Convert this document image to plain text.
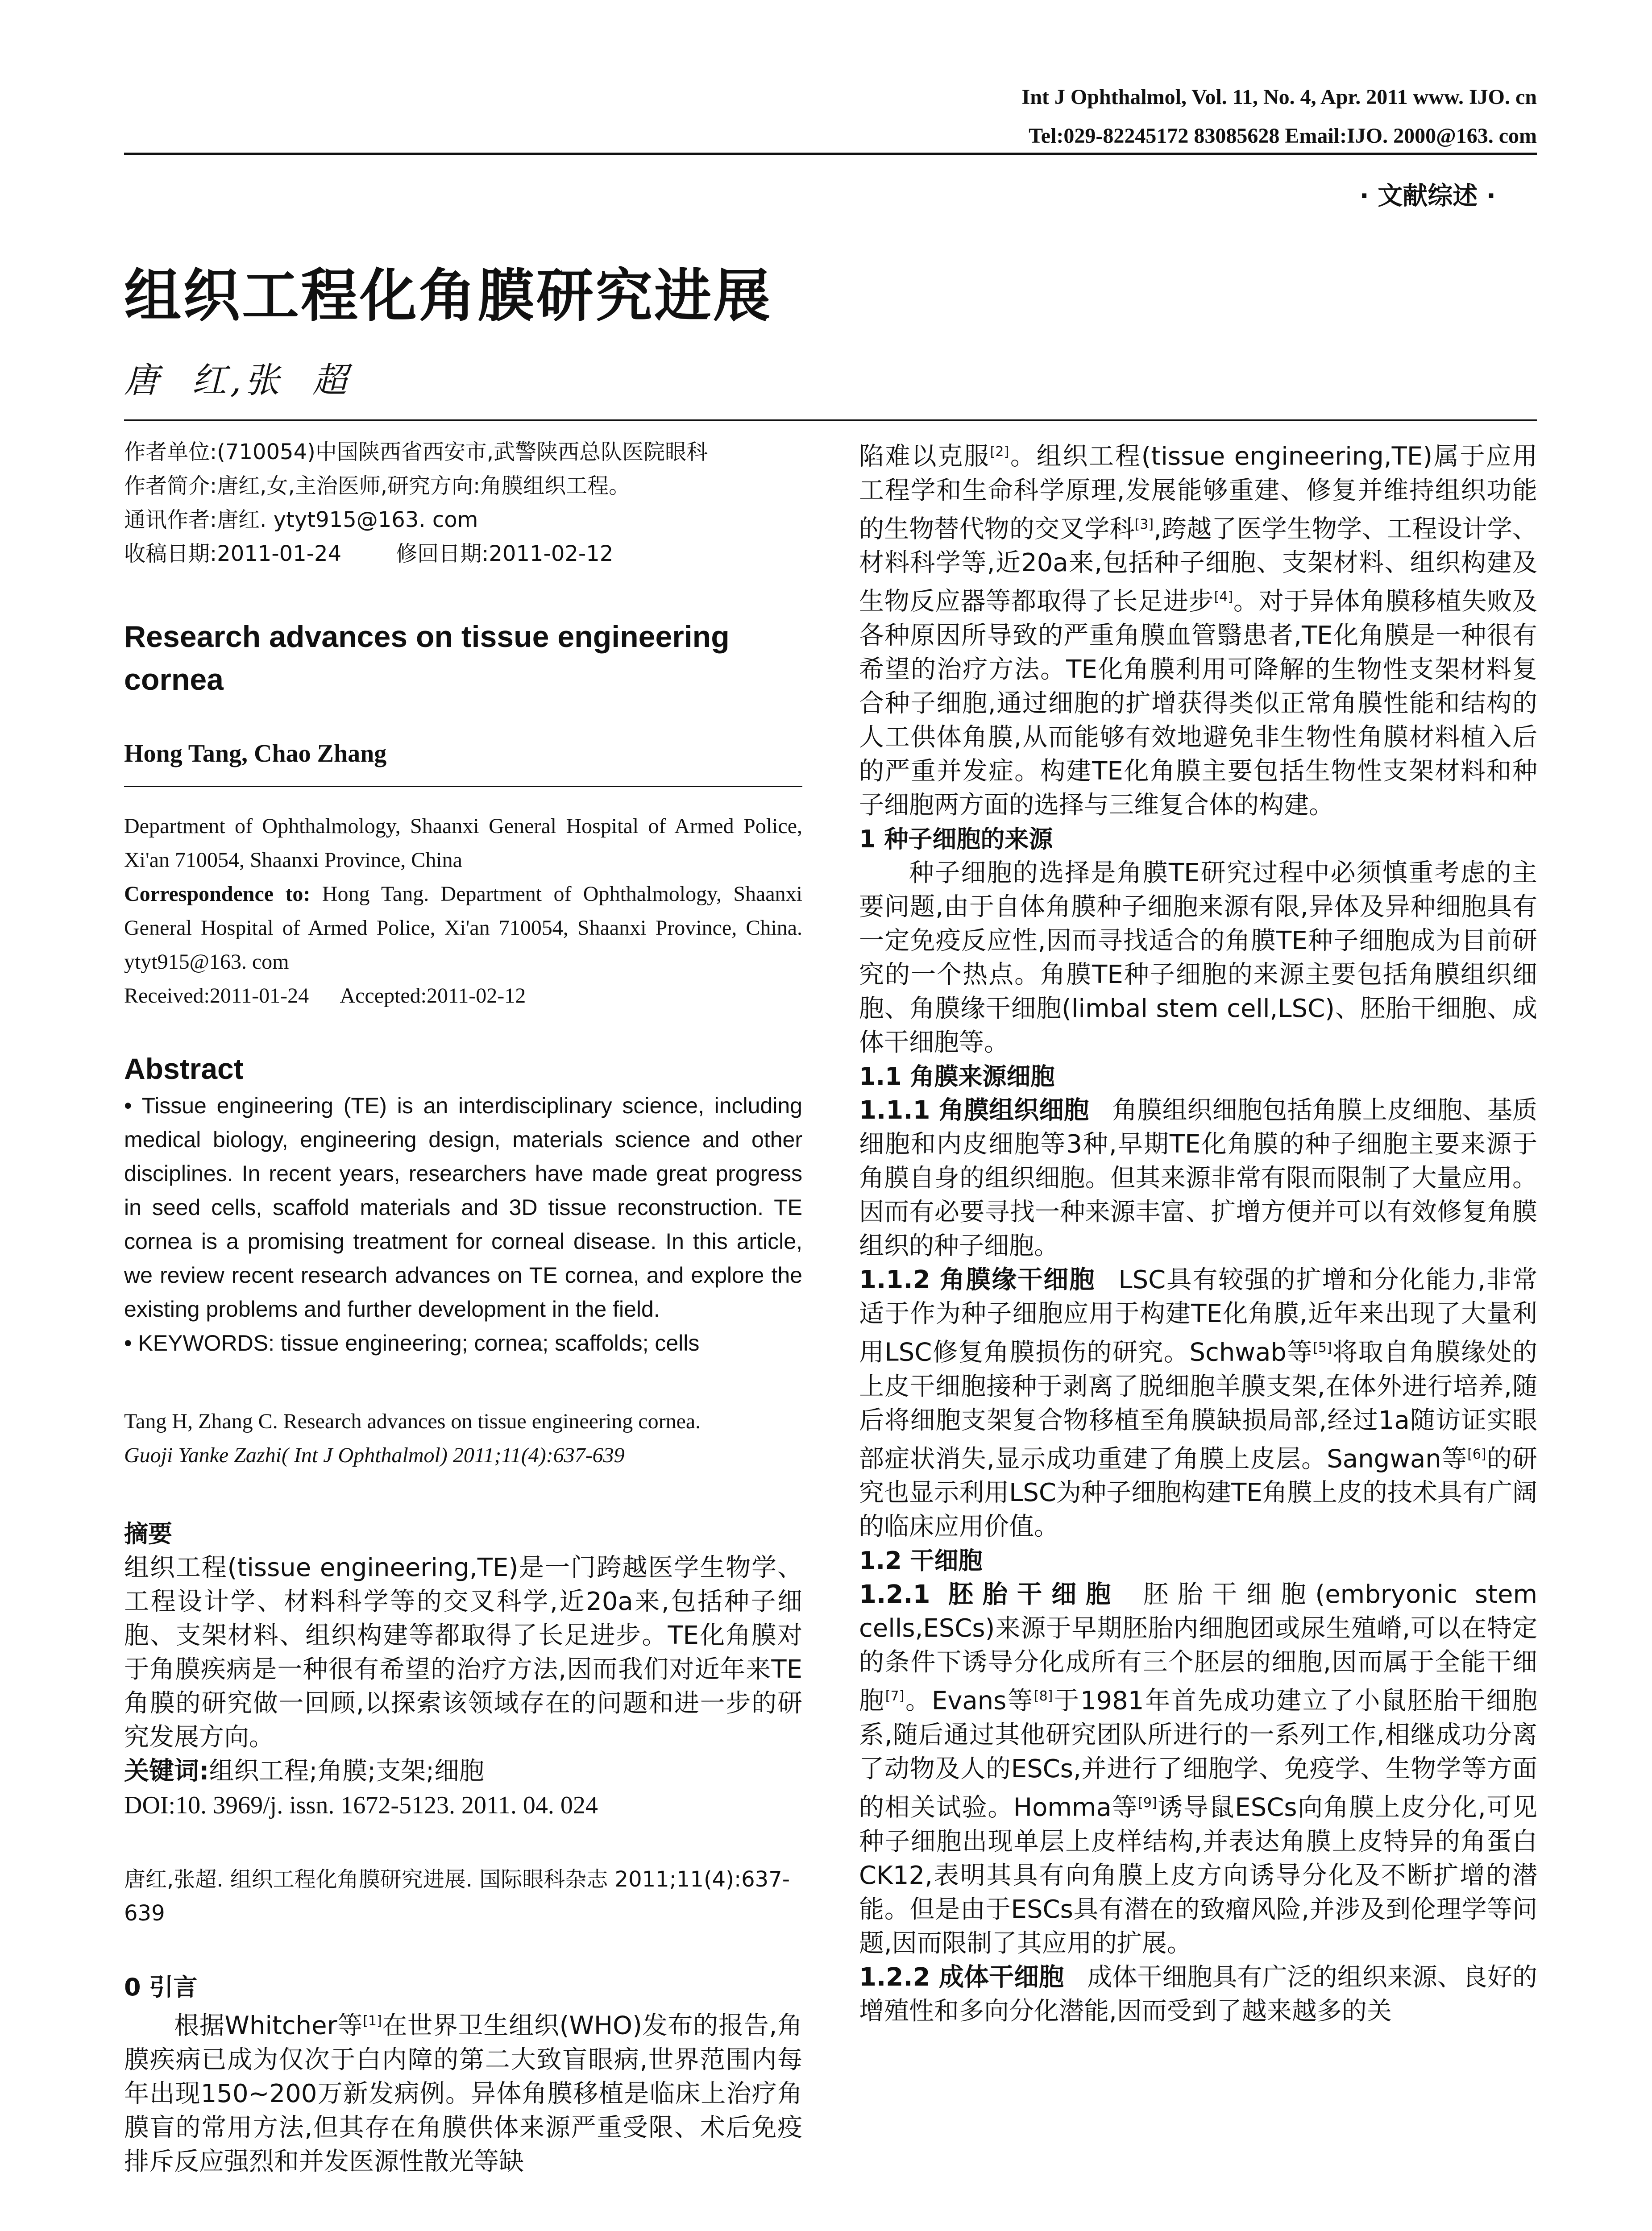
Int J Ophthalmol, Vol. 11, No. 4, Apr. 2011 www. IJO. cn
Tel:029-82245172 83085628 Email:IJO. 2000@163. com
· 文献综述 ·
组织工程化角膜研究进展
唐  红,张  超

作者单位:(710054)中国陕西省西安市,武警陕西总队医院眼科

作者简介:唐红,女,主治医师,研究方向:角膜组织工程。

通讯作者:唐红. ytyt915@163. com

收稿日期:2011-01-24        修回日期:2011-02-12

Research advances on tissue engineering cornea
Hong Tang, Chao Zhang

Department of Ophthalmology, Shaanxi General Hospital of Armed Police, Xi'an 710054, Shaanxi Province, China

Correspondence to: Hong Tang. Department of Ophthalmology, Shaanxi General Hospital of Armed Police, Xi'an 710054, Shaanxi Province, China. ytyt915@163. com

Received:2011-01-24      Accepted:2011-02-12

Abstract

• Tissue engineering (TE) is an interdisciplinary science, including medical biology, engineering design, materials science and other disciplines. In recent years, researchers have made great progress in seed cells, scaffold materials and 3D tissue reconstruction. TE cornea is a promising treatment for corneal disease. In this article, we review recent research advances on TE cornea, and explore the existing problems and further development in the field.

• KEYWORDS: tissue engineering; cornea; scaffolds; cells

Tang H, Zhang C. Research advances on tissue engineering cornea.

Guoji Yanke Zazhi( Int J Ophthalmol) 2011;11(4):637-639

摘要

组织工程(tissue engineering,TE)是一门跨越医学生物学、工程设计学、材料科学等的交叉科学,近20a来,包括种子细胞、支架材料、组织构建等都取得了长足进步。TE化角膜对于角膜疾病是一种很有希望的治疗方法,因而我们对近年来TE角膜的研究做一回顾,以探索该领域存在的问题和进一步的研究发展方向。

关键词:组织工程;角膜;支架;细胞

DOI:10. 3969/j. issn. 1672-5123. 2011. 04. 024

唐红,张超. 组织工程化角膜研究进展. 国际眼科杂志 2011;11(4):637-639

0 引言

根据Whitcher等[1]在世界卫生组织(WHO)发布的报告,角膜疾病已成为仅次于白内障的第二大致盲眼病,世界范围内每年出现150~200万新发病例。异体角膜移植是临床上治疗角膜盲的常用方法,但其存在角膜供体来源严重受限、术后免疫排斥反应强烈和并发医源性散光等缺

陷难以克服[2]。组织工程(tissue engineering,TE)属于应用工程学和生命科学原理,发展能够重建、修复并维持组织功能的生物替代物的交叉学科[3],跨越了医学生物学、工程设计学、材料科学等,近20a来,包括种子细胞、支架材料、组织构建及生物反应器等都取得了长足进步[4]。对于异体角膜移植失败及各种原因所导致的严重角膜血管翳患者,TE化角膜是一种很有希望的治疗方法。TE化角膜利用可降解的生物性支架材料复合种子细胞,通过细胞的扩增获得类似正常角膜性能和结构的人工供体角膜,从而能够有效地避免非生物性角膜材料植入后的严重并发症。构建TE化角膜主要包括生物性支架材料和种子细胞两方面的选择与三维复合体的构建。

1 种子细胞的来源

种子细胞的选择是角膜TE研究过程中必须慎重考虑的主要问题,由于自体角膜种子细胞来源有限,异体及异种细胞具有一定免疫反应性,因而寻找适合的角膜TE种子细胞成为目前研究的一个热点。角膜TE种子细胞的来源主要包括角膜组织细胞、角膜缘干细胞(limbal stem cell,LSC)、胚胎干细胞、成体干细胞等。

1.1 角膜来源细胞

1.1.1 角膜组织细胞 角膜组织细胞包括角膜上皮细胞、基质细胞和内皮细胞等3种,早期TE化角膜的种子细胞主要来源于角膜自身的组织细胞。但其来源非常有限而限制了大量应用。因而有必要寻找一种来源丰富、扩增方便并可以有效修复角膜组织的种子细胞。

1.1.2 角膜缘干细胞 LSC具有较强的扩增和分化能力,非常适于作为种子细胞应用于构建TE化角膜,近年来出现了大量利用LSC修复角膜损伤的研究。Schwab等[5]将取自角膜缘处的上皮干细胞接种于剥离了脱细胞羊膜支架,在体外进行培养,随后将细胞支架复合物移植至角膜缺损局部,经过1a随访证实眼部症状消失,显示成功重建了角膜上皮层。Sangwan等[6]的研究也显示利用LSC为种子细胞构建TE角膜上皮的技术具有广阔的临床应用价值。

1.2 干细胞

1.2.1 胚胎干细胞 胚胎干细胞(embryonic stem cells,ESCs)来源于早期胚胎内细胞团或尿生殖嵴,可以在特定的条件下诱导分化成所有三个胚层的细胞,因而属于全能干细胞[7]。Evans等[8]于1981年首先成功建立了小鼠胚胎干细胞系,随后通过其他研究团队所进行的一系列工作,相继成功分离了动物及人的ESCs,并进行了细胞学、免疫学、生物学等方面的相关试验。Homma等[9]诱导鼠ESCs向角膜上皮分化,可见种子细胞出现单层上皮样结构,并表达角膜上皮特异的角蛋白CK12,表明其具有向角膜上皮方向诱导分化及不断扩增的潜能。但是由于ESCs具有潜在的致瘤风险,并涉及到伦理学等问题,因而限制了其应用的扩展。

1.2.2 成体干细胞 成体干细胞具有广泛的组织来源、良好的增殖性和多向分化潜能,因而受到了越来越多的关
